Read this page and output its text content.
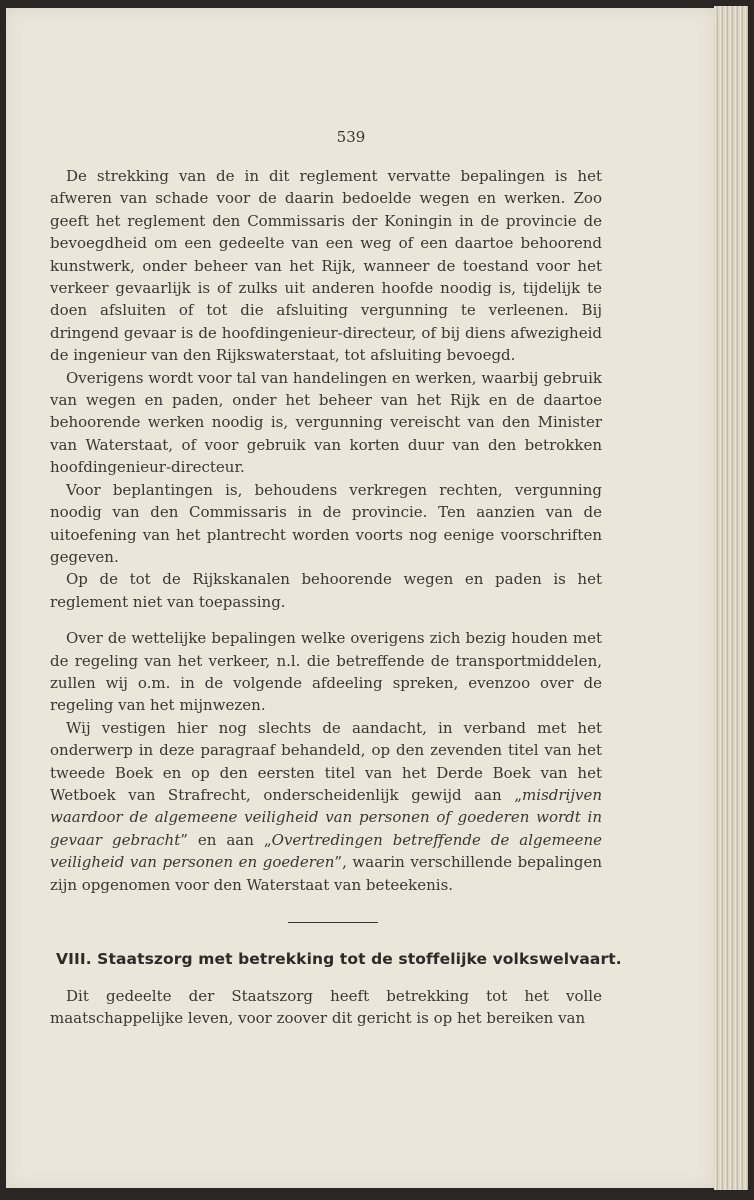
539

De strekking van de in dit reglement vervatte bepalingen is het afweren van schade voor de daarin bedoelde wegen en werken. Zoo geeft het reglement den Commissaris der Koningin in de provincie de bevoegdheid om een gedeelte van een weg of een daartoe behoorend kunstwerk, onder beheer van het Rijk, wanneer de toestand voor het verkeer gevaarlijk is of zulks uit anderen hoofde noodig is, tijdelijk te doen afsluiten of tot die afsluiting vergunning te verleenen. Bij dringend gevaar is de hoofdingenieur-directeur, of bij diens afwezigheid de ingenieur van den Rijkswaterstaat, tot afsluiting bevoegd.

Overigens wordt voor tal van handelingen en werken, waarbij gebruik van wegen en paden, onder het beheer van het Rijk en de daartoe behoorende werken noodig is, vergunning vereischt van den Minister van Waterstaat, of voor gebruik van korten duur van den betrokken hoofdingenieur-directeur.

Voor beplantingen is, behoudens verkregen rechten, vergunning noodig van den Commissaris in de provincie. Ten aanzien van de uitoefening van het plantrecht worden voorts nog eenige voorschriften gegeven.

Op de tot de Rijkskanalen behoorende wegen en paden is het reglement niet van toepassing.

Over de wettelijke bepalingen welke overigens zich bezig houden met de regeling van het verkeer, n.l. die betreffende de transportmiddelen, zullen wij o.m. in de volgende afdeeling spreken, evenzoo over de regeling van het mijnwezen.

Wij vestigen hier nog slechts de aandacht, in verband met het onderwerp in deze paragraaf behandeld, op den zevenden titel van het tweede Boek en op den eersten titel van het Derde Boek van het Wetboek van Strafrecht, onderscheidenlijk gewijd aan „misdrijven waardoor de algemeene veiligheid van personen of goederen wordt in gevaar gebracht” en aan „Overtredingen betreffende de algemeene veiligheid van personen en goederen”, waarin verschillende bepalingen zijn opgenomen voor den Waterstaat van beteekenis.

VIII. Staatszorg met betrekking tot de stoffelijke volkswelvaart.

Dit gedeelte der Staatszorg heeft betrekking tot het volle maatschappelijke leven, voor zoover dit gericht is op het bereiken van
